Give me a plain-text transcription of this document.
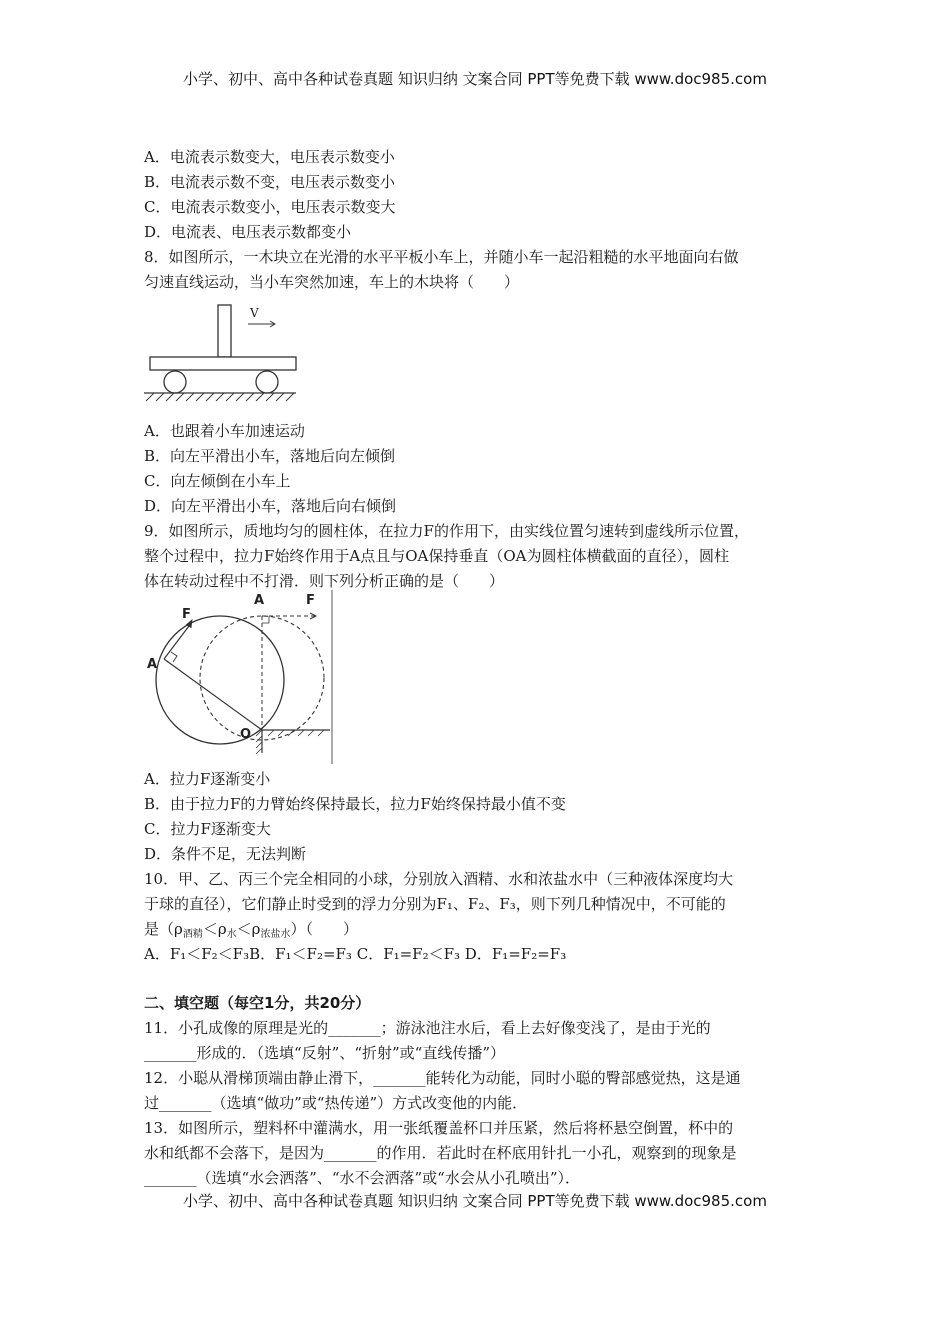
小学、初中、高中各种试卷真题 知识归纳 文案合同 PPT等免费下载 www.doc985.com
A．电流表示数变大，电压表示数变小
B．电流表示数不变，电压表示数变小
C．电流表示数变小，电压表示数变大
D．电流表、电压表示数都变小
8．如图所示，一木块立在光滑的水平平板小车上，并随小车一起沿粗糙的水平地面向右做
匀速直线运动，当小车突然加速，车上的木块将（　　）
V
A．也跟着小车加速运动
B．向左平滑出小车，落地后向左倾倒
C．向左倾倒在小车上
D．向左平滑出小车，落地后向右倾倒
9．如图所示，质地均匀的圆柱体，在拉力F的作用下，由实线位置匀速转到虚线所示位置，
整个过程中，拉力F始终作用于A点且与OA保持垂直（OA为圆柱体横截面的直径），圆柱
体在转动过程中不打滑．则下列分析正确的是（　　）
F
A
A	F
O
A．拉力F逐渐变小
B．由于拉力F的力臂始终保持最长，拉力F始终保持最小值不变
C．拉力F逐渐变大
D．条件不足，无法判断
10．甲、乙、丙三个完全相同的小球，分别放入酒精、水和浓盐水中（三种液体深度均大
于球的直径），它们静止时受到的浮力分别为F₁、F₂、F₃，则下列几种情况中，不可能的
是$(\rho_{酒精}<\rho_水<\rho_{浓盐水})$（　　）
A．F₁＜F₂＜F₃B．F₁＜F₂=F₃ C．F₁=F₂＜F₃ D．F₁=F₂=F₃
二、填空题（每空1分，共20分）
11．小孔成像的原理是光的_______；游泳池注水后，看上去好像变浅了，是由于光的
_______形成的．（选填“反射”、“折射”或“直线传播”）
12．小聪从滑梯顶端由静止滑下，_______能转化为动能，同时小聪的臀部感觉热，这是通
过_______（选填“做功”或“热传递”）方式改变他的内能．
13．如图所示，塑料杯中灌满水，用一张纸覆盖杯口并压紧，然后将杯悬空倒置，杯中的
水和纸都不会落下，是因为_______的作用．若此时在杯底用针扎一小孔，观察到的现象是
_______（选填“水会洒落”、“水不会洒落”或“水会从小孔喷出”）．
小学、初中、高中各种试卷真题 知识归纳 文案合同 PPT等免费下载 www.doc985.com
